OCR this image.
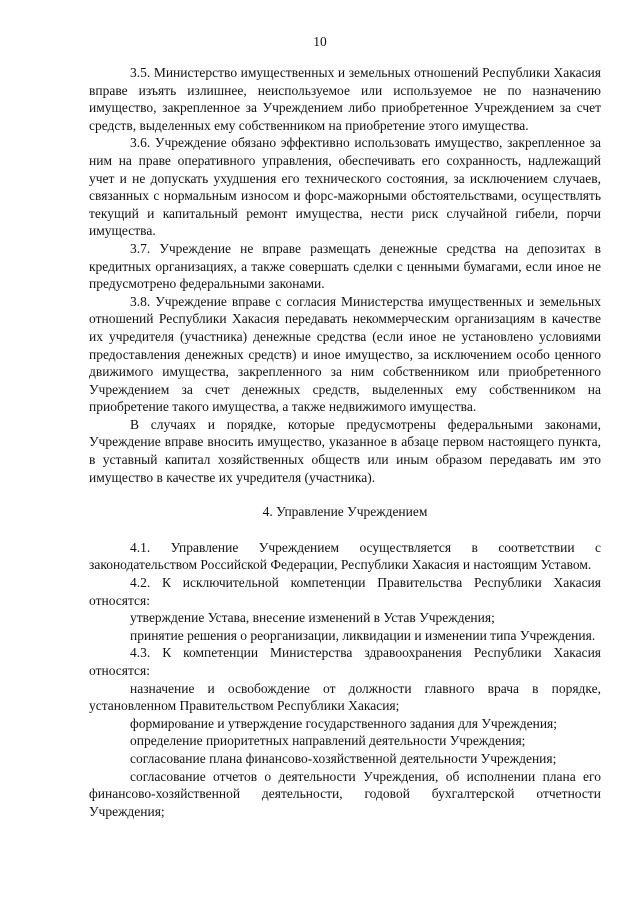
10

3.5. Министерство имущественных и земельных отношений Республики Хакасия вправе изъять излишнее, неиспользуемое или используемое не по назначению имущество, закрепленное за Учреждением либо приобретенное Учреждением за счет средств, выделенных ему собственником на приобретение этого имущества.

3.6. Учреждение обязано эффективно использовать имущество, закрепленное за ним на праве оперативного управления, обеспечивать его сохранность, надлежащий учет и не допускать ухудшения его технического состояния, за исключением случаев, связанных с нормальным износом и форс-мажорными обстоятельствами, осуществлять текущий и капитальный ремонт имущества, нести риск случайной гибели, порчи имущества.

3.7. Учреждение не вправе размещать денежные средства на депозитах в кредитных организациях, а также совершать сделки с ценными бумагами, если иное не предусмотрено федеральными законами.

3.8. Учреждение вправе с согласия Министерства имущественных и земельных отношений Республики Хакасия передавать некоммерческим организациям в качестве их учредителя (участника) денежные средства (если иное не установлено условиями предоставления денежных средств) и иное имущество, за исключением особо ценного движимого имущества, закрепленного за ним собственником или приобретенного Учреждением за счет денежных средств, выделенных ему собственником на приобретение такого имущества, а также недвижимого имущества.

В случаях и порядке, которые предусмотрены федеральными законами, Учреждение вправе вносить имущество, указанное в абзаце первом настоящего пункта, в уставный капитал хозяйственных обществ или иным образом передавать им это имущество в качестве их учредителя (участника).

4. Управление Учреждением

4.1. Управление Учреждением осуществляется в соответствии с законодательством Российской Федерации, Республики Хакасия и настоящим Уставом.

4.2. К исключительной компетенции Правительства Республики Хакасия относятся:

утверждение Устава, внесение изменений в Устав Учреждения;

принятие решения о реорганизации, ликвидации и изменении типа Учреждения.

4.3. К компетенции Министерства здравоохранения Республики Хакасия относятся:

назначение и освобождение от должности главного врача в порядке, установленном Правительством Республики Хакасия;

формирование и утверждение государственного задания для Учреждения;

определение приоритетных направлений деятельности Учреждения;

согласование плана финансово-хозяйственной деятельности Учреждения;

согласование отчетов о деятельности Учреждения, об исполнении плана его финансово-хозяйственной деятельности, годовой бухгалтерской отчетности Учреждения;
